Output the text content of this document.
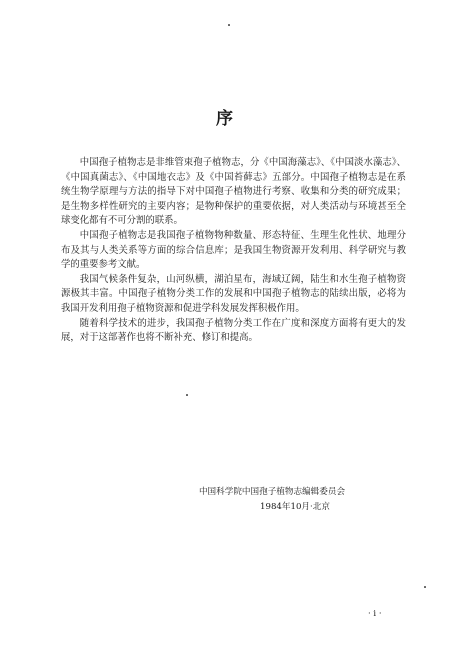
序

中国孢子植物志是非维管束孢子植物志，分《中国海藻志》、《中国淡水藻志》、《中国真菌志》、《中国地衣志》及《中国苔藓志》五部分。中国孢子植物志是在系统生物学原理与方法的指导下对中国孢子植物进行考察、收集和分类的研究成果；是生物多样性研究的主要内容；是物种保护的重要依据，对人类活动与环境甚至全球变化都有不可分割的联系。

中国孢子植物志是我国孢子植物物种数量、形态特征、生理生化性状、地理分布及其与人类关系等方面的综合信息库；是我国生物资源开发利用、科学研究与教学的重要参考文献。

我国气候条件复杂，山河纵横，湖泊星布，海域辽阔，陆生和水生孢子植物资源极其丰富。中国孢子植物分类工作的发展和中国孢子植物志的陆续出版，必将为我国开发利用孢子植物资源和促进学科发展发挥积极作用。

随着科学技术的进步，我国孢子植物分类工作在广度和深度方面将有更大的发展，对于这部著作也将不断补充、修订和提高。

中国科学院中国孢子植物志编辑委员会
1984年10月·北京
· i ·
